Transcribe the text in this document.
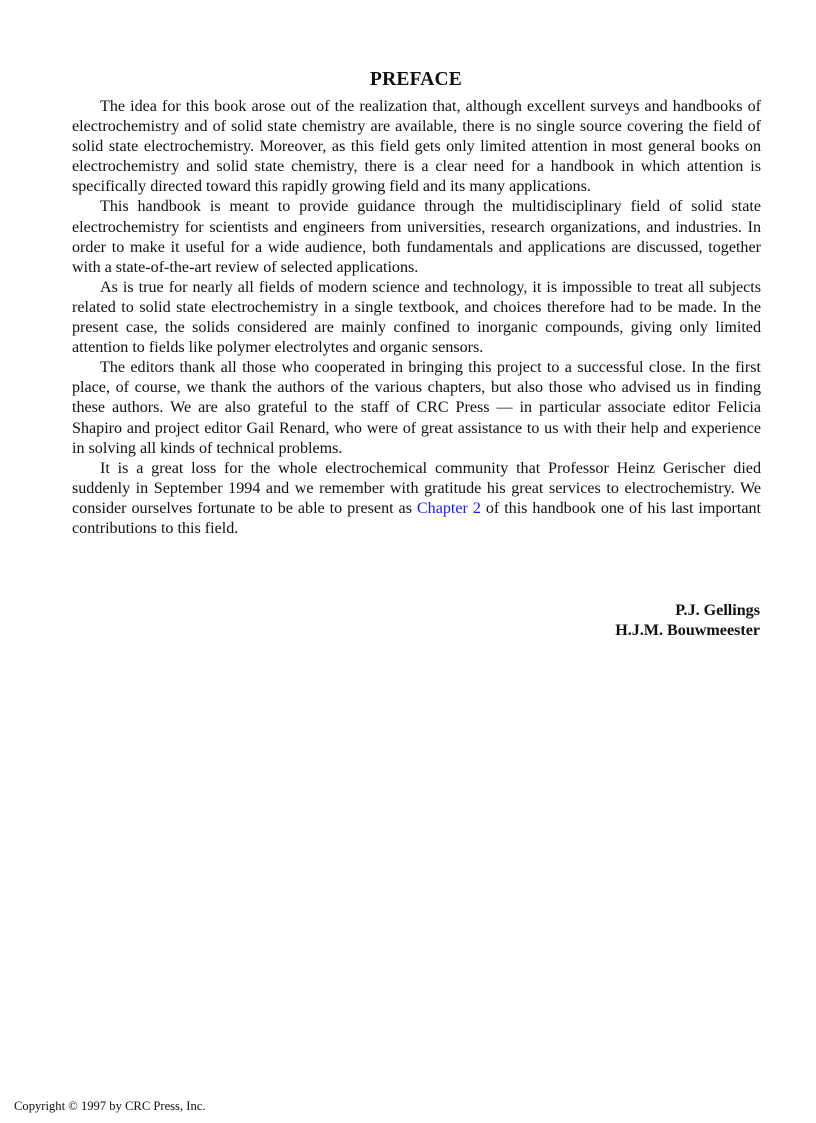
PREFACE

The idea for this book arose out of the realization that, although excellent surveys and handbooks of electrochemistry and of solid state chemistry are available, there is no single source covering the field of solid state electrochemistry. Moreover, as this field gets only limited attention in most general books on electrochemistry and solid state chemistry, there is a clear need for a handbook in which attention is specifically directed toward this rapidly growing field and its many applications.

This handbook is meant to provide guidance through the multidisciplinary field of solid state electrochemistry for scientists and engineers from universities, research organizations, and industries. In order to make it useful for a wide audience, both fundamentals and applications are discussed, together with a state-of-the-art review of selected applications.

As is true for nearly all fields of modern science and technology, it is impossible to treat all subjects related to solid state electrochemistry in a single textbook, and choices therefore had to be made. In the present case, the solids considered are mainly confined to inorganic compounds, giving only limited attention to fields like polymer electrolytes and organic sensors.

The editors thank all those who cooperated in bringing this project to a successful close. In the first place, of course, we thank the authors of the various chapters, but also those who advised us in finding these authors. We are also grateful to the staff of CRC Press — in particular associate editor Felicia Shapiro and project editor Gail Renard, who were of great assistance to us with their help and experience in solving all kinds of technical problems.

It is a great loss for the whole electrochemical community that Professor Heinz Gerischer died suddenly in September 1994 and we remember with gratitude his great services to electrochemistry. We consider ourselves fortunate to be able to present as Chapter 2 of this handbook one of his last important contributions to this field.

P.J. Gellings
H.J.M. Bouwmeester
Copyright © 1997 by CRC Press, Inc.
